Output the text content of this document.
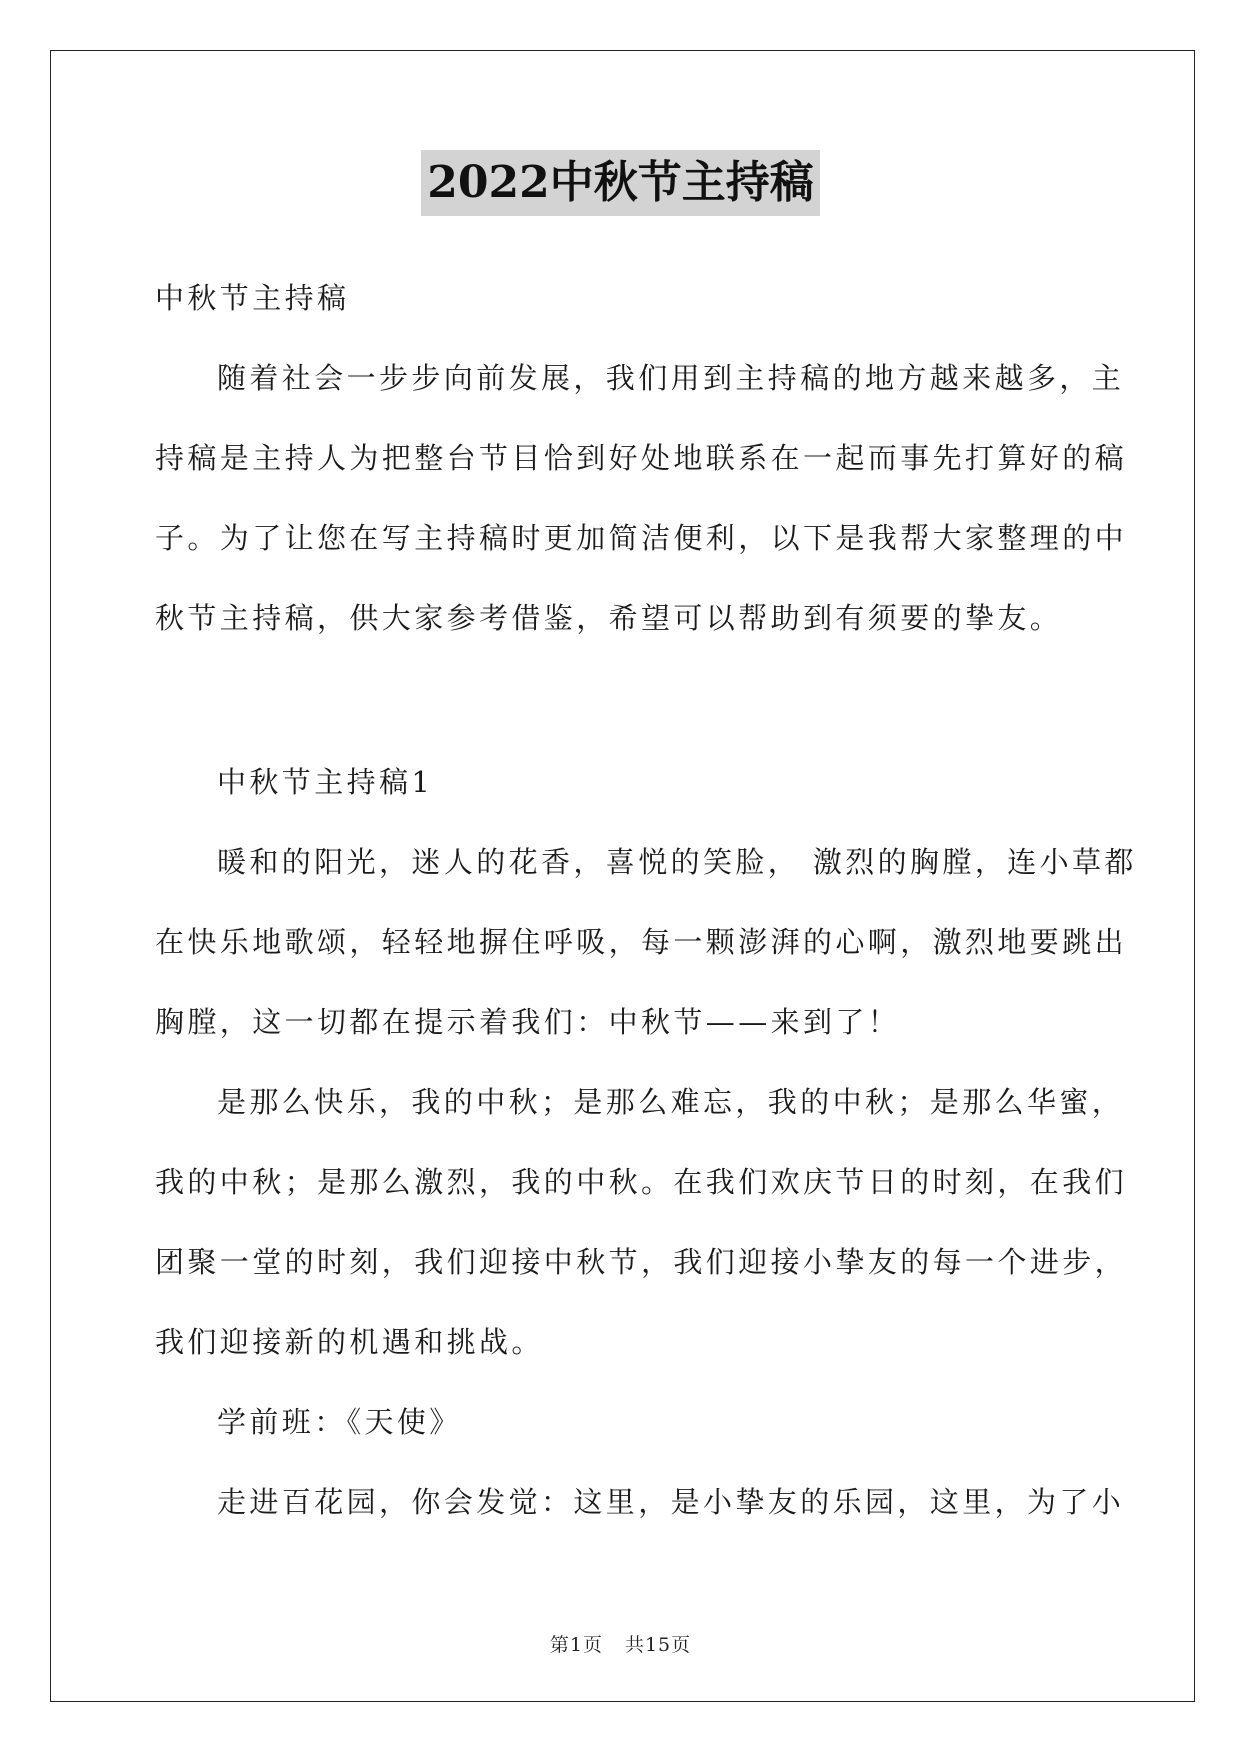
2022中秋节主持稿
中秋节主持稿
随着社会一步步向前发展，我们用到主持稿的地方越来越多，主
持稿是主持人为把整台节目恰到好处地联系在一起而事先打算好的稿
子。为了让您在写主持稿时更加简洁便利，以下是我帮大家整理的中
秋节主持稿，供大家参考借鉴，希望可以帮助到有须要的挚友。
中秋节主持稿1
暖和的阳光，迷人的花香，喜悦的笑脸， 激烈的胸膛，连小草都
在快乐地歌颂，轻轻地摒住呼吸，每一颗澎湃的心啊，激烈地要跳出
胸膛，这一切都在提示着我们：中秋节——来到了！
是那么快乐，我的中秋；是那么难忘，我的中秋；是那么华蜜，
我的中秋；是那么激烈，我的中秋。在我们欢庆节日的时刻，在我们
团聚一堂的时刻，我们迎接中秋节，我们迎接小挚友的每一个进步，
我们迎接新的机遇和挑战。
学前班：《天使》
走进百花园，你会发觉：这里，是小挚友的乐园，这里，为了小
第1页 共15页
